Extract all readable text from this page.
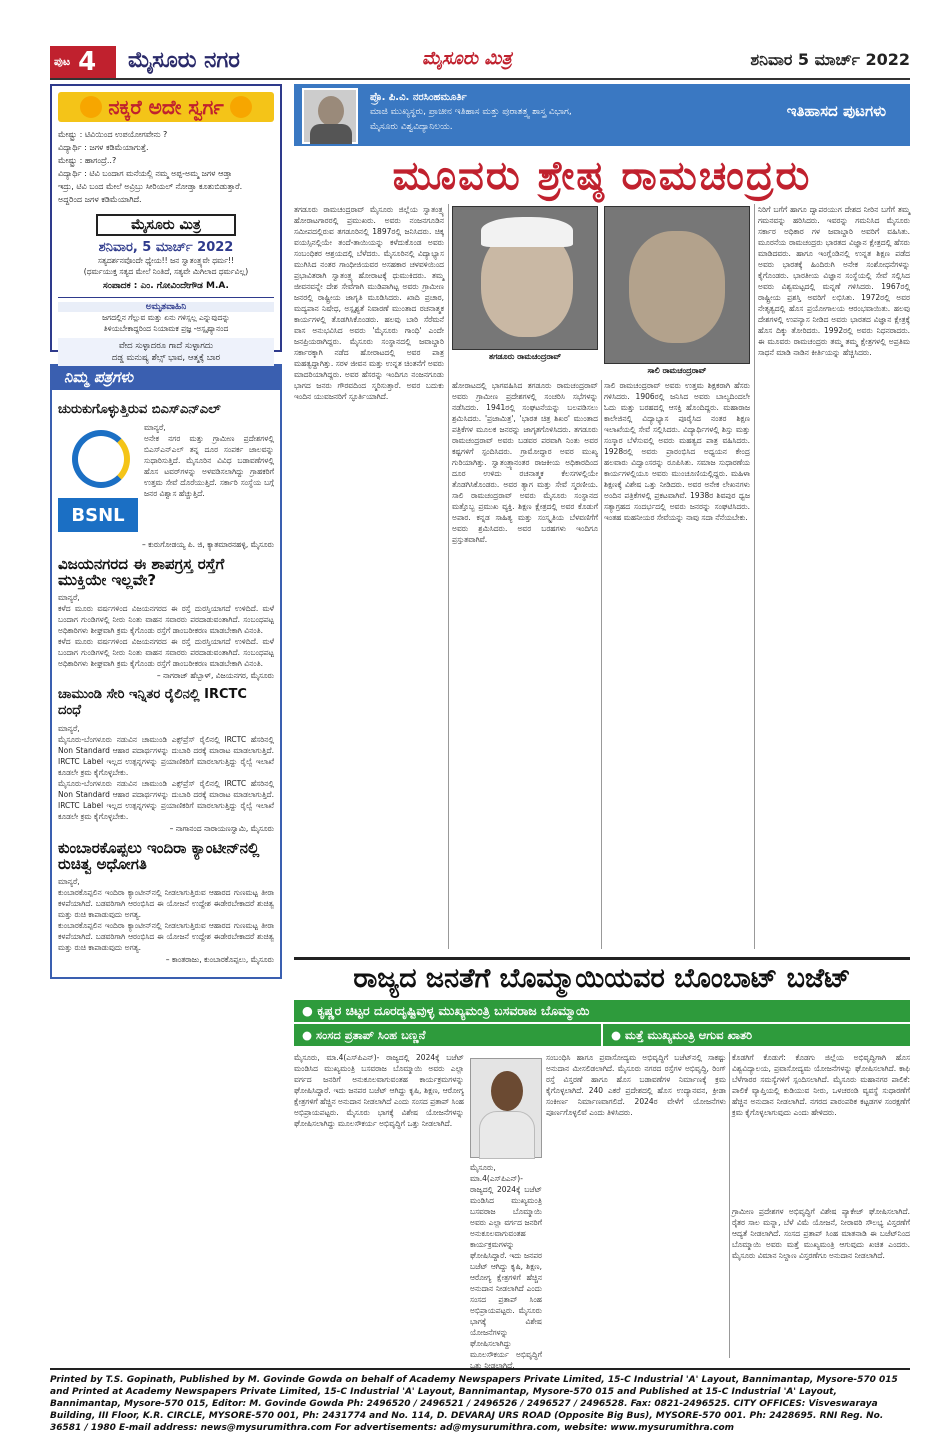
ಪುಟ 4 ಮೈಸೂರು ನಗರ	ಮೈಸೂರು ಮಿತ್ರ	ಶನಿವಾರ 5 ಮಾರ್ಚ್ 2022
ನಕ್ಕರೆ ಅದೇ ಸ್ವರ್ಗ
ಮೇಷ್ಟ್ರು : ಟಿವಿಯಿಂದ ಉಪಯೋಗವೇನು ?
ವಿದ್ಯಾರ್ಥಿ : ಜಗಳ ಕಡಿಮೆಯಾಗುತ್ತೆ.
ಮೇಷ್ಟ್ರು : ಹಾಗಂದ್ರೆ..?
ವಿದ್ಯಾರ್ಥಿ : ಟಿವಿ ಬಂದಾಗ ಮನೆಯಲ್ಲಿ ನಮ್ಮ ಅಪ್ಪ-ಅಮ್ಮ ಜಗಳ ಆಡ್ತಾ
ಇದ್ರು, ಟಿವಿ ಬಂದ ಮೇಲೆ ಅವ್ರಿಬ್ರು ಸೀರಿಯಲ್ ನೋಡ್ತಾ ಕೂತುಬಿಡುತ್ತಾರೆ.
ಅದ್ದರಿಂದ ಜಗಳ ಕಡಿಮೆಯಾಗಿದೆ.
ಮೈಸೂರು ಮಿತ್ರ
ಶನಿವಾರ, 5 ಮಾರ್ಚ್ 2022
ಸತ್ಯದರ್ಶನವೊಂದೇ ಧ್ಯೇಯ!! ಜನ ಸ್ವಾತಂತ್ರ್ಯವೇ ಧರ್ಮ!!
(ಧರ್ಮಯುಕ್ತ ಸತ್ಯದ ಮೇಲೆ ನಿಂತಿದೆ, ಸತ್ಯವೇ ಮಿಗಿಲಾದ ಧರ್ಮವಿಲ್ಲ)
ಸಂಪಾದಕ : ಎಂ. ಗೋವಿಂದೇಗೌಡ M.A.
ಅಮೃತವಾಹಿನಿ
ಜಗದಲ್ಲಿನ ಗೆಲ್ಲುವ ಮತ್ತು ಏನು ಗಳಿಸ್ಸಲ್ಲ ಎನ್ನುವುದನ್ನು
ತಿಳಿಯಬೇಕಾದ್ದರಿಂದ ನಿಯಾಮಕ ಪ್ರಜ್ಞ -ಅಸ್ಪೃಷ್ಯಾನಂದ
ವೇದ ಸುಳ್ಳಾದರೂ ಗಾದೆ ಸುಳ್ಳಾಗದು
ದಡ್ಡ ಮನುಷ್ಯ ಶೆಲ್ಸ್ ಭಾವ, ಆತ್ಮಕ್ಕೆ ಬಾರ
ನಿಮ್ಮ ಪತ್ರಗಳು
ಚುರುಕುಗೊಳ್ಳುತ್ತಿರುವ ಬಿಎಸ್‌ಎನ್‌ಎಲ್
BSNL
ಮಾನ್ಯರೆ,
ಅನೇಕ ನಗರ ಮತ್ತು ಗ್ರಾಮೀಣ ಪ್ರದೇಶಗಳಲ್ಲಿ ಬಿಎಸ್‌ಎನ್‌ಎಲ್ ತನ್ನ ದೂರ ಸಂಪರ್ಕ ಜಾಲವನ್ನು ಸುಧಾರಿಸುತ್ತಿದೆ. ಮೈಸೂರಿನ ವಿವಿಧ ಬಡಾವಣೆಗಳಲ್ಲಿ ಹೊಸ ಟವರ್‌ಗಳನ್ನು ಅಳವಡಿಸಲಾಗಿದ್ದು ಗ್ರಾಹಕರಿಗೆ ಉತ್ತಮ ಸೇವೆ ದೊರೆಯುತ್ತಿದೆ. ಸರ್ಕಾರಿ ಸಂಸ್ಥೆಯ ಬಗ್ಗೆ ಜನರ ವಿಶ್ವಾಸ ಹೆಚ್ಚುತ್ತಿದೆ.
– ಕುರುಗೋಡಯ್ಯ ಪಿ. ಜಿ, ಕ್ಯಾತಮಾರನಹಳ್ಳಿ, ಮೈಸೂರು
ವಿಜಯನಗರದ ಈ ಶಾಪಗ್ರಸ್ತ ರಸ್ತೆಗೆ ಮುಕ್ತಿಯೇ ಇಲ್ಲವೇ?
ಮಾನ್ಯರೆ,
ಕಳೆದ ಮೂರು ವರ್ಷಗಳಿಂದ ವಿಜಯನಗರದ ಈ ರಸ್ತೆ ದುರಸ್ತಿಯಾಗದೆ ಉಳಿದಿದೆ. ಮಳೆ ಬಂದಾಗ ಗುಂಡಿಗಳಲ್ಲಿ ನೀರು ನಿಂತು ವಾಹನ ಸವಾರರು ಪರದಾಡುವಂತಾಗಿದೆ. ಸಂಬಂಧಪಟ್ಟ ಅಧಿಕಾರಿಗಳು ಶೀಘ್ರವಾಗಿ ಕ್ರಮ ಕೈಗೊಂಡು ರಸ್ತೆಗೆ ಡಾಂಬರೀಕರಣ ಮಾಡಬೇಕಾಗಿ ವಿನಂತಿ.
ಕಳೆದ ಮೂರು ವರ್ಷಗಳಿಂದ ವಿಜಯನಗರದ ಈ ರಸ್ತೆ ದುರಸ್ತಿಯಾಗದೆ ಉಳಿದಿದೆ. ಮಳೆ ಬಂದಾಗ ಗುಂಡಿಗಳಲ್ಲಿ ನೀರು ನಿಂತು ವಾಹನ ಸವಾರರು ಪರದಾಡುವಂತಾಗಿದೆ. ಸಂಬಂಧಪಟ್ಟ ಅಧಿಕಾರಿಗಳು ಶೀಘ್ರವಾಗಿ ಕ್ರಮ ಕೈಗೊಂಡು ರಸ್ತೆಗೆ ಡಾಂಬರೀಕರಣ ಮಾಡಬೇಕಾಗಿ ವಿನಂತಿ.
– ನಾಗರಾಜ್ ಹೆಬ್ಬಾಳ್, ವಿಜಯನಗರ, ಮೈಸೂರು
ಚಾಮುಂಡಿ ಸೇರಿ ಇನ್ನಿತರ ರೈಲಿನಲ್ಲಿ IRCTC ದಂಧೆ
ಮಾನ್ಯರೆ,
ಮೈಸೂರು-ಬೆಂಗಳೂರು ನಡುವಿನ ಚಾಮುಂಡಿ ಎಕ್ಸ್‌ಪ್ರೆಸ್ ರೈಲಿನಲ್ಲಿ IRCTC ಹೆಸರಿನಲ್ಲಿ Non Standard ಆಹಾರ ಪದಾರ್ಥಗಳನ್ನು ದುಬಾರಿ ದರಕ್ಕೆ ಮಾರಾಟ ಮಾಡಲಾಗುತ್ತಿದೆ. IRCTC Label ಇಲ್ಲದ ಉತ್ಪನ್ನಗಳನ್ನು ಪ್ರಯಾಣಿಕರಿಗೆ ಮಾರಲಾಗುತ್ತಿದ್ದು ರೈಲ್ವೆ ಇಲಾಖೆ ಕೂಡಲೇ ಕ್ರಮ ಕೈಗೊಳ್ಳಬೇಕು.
ಮೈಸೂರು-ಬೆಂಗಳೂರು ನಡುವಿನ ಚಾಮುಂಡಿ ಎಕ್ಸ್‌ಪ್ರೆಸ್ ರೈಲಿನಲ್ಲಿ IRCTC ಹೆಸರಿನಲ್ಲಿ Non Standard ಆಹಾರ ಪದಾರ್ಥಗಳನ್ನು ದುಬಾರಿ ದರಕ್ಕೆ ಮಾರಾಟ ಮಾಡಲಾಗುತ್ತಿದೆ. IRCTC Label ಇಲ್ಲದ ಉತ್ಪನ್ನಗಳನ್ನು ಪ್ರಯಾಣಿಕರಿಗೆ ಮಾರಲಾಗುತ್ತಿದ್ದು ರೈಲ್ವೆ ಇಲಾಖೆ ಕೂಡಲೇ ಕ್ರಮ ಕೈಗೊಳ್ಳಬೇಕು.
– ನಾಗಾನಂದ ನಾರಾಯಣಸ್ವಾಮಿ, ಮೈಸೂರು
ಕುಂಬಾರಕೊಪ್ಪಲು ಇಂದಿರಾ ಕ್ಯಾಂಟೀನ್‌ನಲ್ಲಿ ರುಚಿತ್ವ ಅಧೋಗತಿ
ಮಾನ್ಯರೆ,
ಕುಂಬಾರಕೊಪ್ಪಲಿನ ಇಂದಿರಾ ಕ್ಯಾಂಟೀನ್‌ನಲ್ಲಿ ನೀಡಲಾಗುತ್ತಿರುವ ಆಹಾರದ ಗುಣಮಟ್ಟ ತೀರಾ ಕಳಪೆಯಾಗಿದೆ. ಬಡವರಿಗಾಗಿ ಆರಂಭಿಸಿದ ಈ ಯೋಜನೆ ಉದ್ದೇಶ ಈಡೇರಬೇಕಾದರೆ ಶುಚಿತ್ವ ಮತ್ತು ರುಚಿ ಕಾಪಾಡುವುದು ಅಗತ್ಯ.
ಕುಂಬಾರಕೊಪ್ಪಲಿನ ಇಂದಿರಾ ಕ್ಯಾಂಟೀನ್‌ನಲ್ಲಿ ನೀಡಲಾಗುತ್ತಿರುವ ಆಹಾರದ ಗುಣಮಟ್ಟ ತೀರಾ ಕಳಪೆಯಾಗಿದೆ. ಬಡವರಿಗಾಗಿ ಆರಂಭಿಸಿದ ಈ ಯೋಜನೆ ಉದ್ದೇಶ ಈಡೇರಬೇಕಾದರೆ ಶುಚಿತ್ವ ಮತ್ತು ರುಚಿ ಕಾಪಾಡುವುದು ಅಗತ್ಯ.
– ಕಾಂತರಾಜು, ಕುಂಬಾರಕೊಪ್ಪಲು, ಮೈಸೂರು
ಪ್ರೊ. ಪಿ.ವಿ. ನರಸಿಂಹಮೂರ್ತಿ
ಮಾಜಿ ಮುಖ್ಯಸ್ಥರು, ಪ್ರಾಚೀನ ಇತಿಹಾಸ ಮತ್ತು ಪುರಾತತ್ತ್ವ ಶಾಸ್ತ್ರ ವಿಭಾಗ,
ಮೈಸೂರು ವಿಶ್ವವಿದ್ಯಾನಿಲಯ.
ಇತಿಹಾಸದ ಪುಟಗಳು
ಮೂವರು ಶ್ರೇಷ್ಠ ರಾಮಚಂದ್ರರು
ತಗಡೂರು ರಾಮಚಂದ್ರರಾವ್ ಮೈಸೂರು ಜಿಲ್ಲೆಯ ಸ್ವಾತಂತ್ರ್ಯ ಹೋರಾಟಗಾರರಲ್ಲಿ ಪ್ರಮುಖರು. ಅವರು ನಂಜನಗೂಡಿನ ಸಮೀಪದಲ್ಲಿರುವ ತಗಡೂರಿನಲ್ಲಿ 1897ರಲ್ಲಿ ಜನಿಸಿದರು. ಚಿಕ್ಕ ವಯಸ್ಸಿನಲ್ಲಿಯೇ ತಂದೆ-ತಾಯಿಯನ್ನು ಕಳೆದುಕೊಂಡ ಅವರು ಸಂಬಂಧಿಕರ ಆಶ್ರಯದಲ್ಲಿ ಬೆಳೆದರು. ಮೈಸೂರಿನಲ್ಲಿ ವಿದ್ಯಾಭ್ಯಾಸ ಮುಗಿಸಿದ ನಂತರ ಗಾಂಧೀಜಿಯವರ ಅಸಹಕಾರ ಚಳವಳಿಯಿಂದ ಪ್ರಭಾವಿತರಾಗಿ ಸ್ವಾತಂತ್ರ್ಯ ಹೋರಾಟಕ್ಕೆ ಧುಮುಕಿದರು. ತಮ್ಮ ಜೀವನವನ್ನೇ ದೇಶ ಸೇವೆಗಾಗಿ ಮುಡಿಪಾಗಿಟ್ಟ ಅವರು ಗ್ರಾಮೀಣ ಜನರಲ್ಲಿ ರಾಷ್ಟ್ರೀಯ ಜಾಗೃತಿ ಮೂಡಿಸಿದರು. ಖಾದಿ ಪ್ರಚಾರ, ಮದ್ಯಪಾನ ನಿಷೇಧ, ಅಸ್ಪೃಶ್ಯತೆ ನಿವಾರಣೆ ಮುಂತಾದ ರಚನಾತ್ಮಕ ಕಾರ್ಯಗಳಲ್ಲಿ ತೊಡಗಿಸಿಕೊಂಡರು. ಹಲವು ಬಾರಿ ಸೆರೆಮನೆ ವಾಸ ಅನುಭವಿಸಿದ ಅವರು 'ಮೈಸೂರು ಗಾಂಧಿ' ಎಂದೇ ಜನಪ್ರಿಯರಾಗಿದ್ದರು. ಮೈಸೂರು ಸಂಸ್ಥಾನದಲ್ಲಿ ಜವಾಬ್ದಾರಿ ಸರ್ಕಾರಕ್ಕಾಗಿ ನಡೆದ ಹೋರಾಟದಲ್ಲಿ ಅವರ ಪಾತ್ರ ಮಹತ್ವದ್ದಾಗಿತ್ತು. ಸರಳ ಜೀವನ ಮತ್ತು ಉನ್ನತ ಚಿಂತನೆಗೆ ಅವರು ಮಾದರಿಯಾಗಿದ್ದರು. ಅವರ ಹೆಸರನ್ನು ಇಂದಿಗೂ ನಂಜನಗೂಡು ಭಾಗದ ಜನರು ಗೌರವದಿಂದ ಸ್ಮರಿಸುತ್ತಾರೆ. ಅವರ ಬದುಕು ಇಂದಿನ ಯುವಜನರಿಗೆ ಸ್ಫೂರ್ತಿಯಾಗಿದೆ.
ತಗಡೂರು ರಾಮಚಂದ್ರರಾವ್
ಸಾಲಿ ರಾಮಚಂದ್ರರಾವ್
ಹೋರಾಟದಲ್ಲಿ ಭಾಗವಹಿಸಿದ ತಗಡೂರು ರಾಮಚಂದ್ರರಾವ್ ಅವರು ಗ್ರಾಮೀಣ ಪ್ರದೇಶಗಳಲ್ಲಿ ಸಂಚರಿಸಿ ಸಭೆಗಳನ್ನು ನಡೆಸಿದರು. 1941ರಲ್ಲಿ ಸಂಘಟನೆಯನ್ನು ಬಲಪಡಿಸಲು ಶ್ರಮಿಸಿದರು. 'ಪ್ರಜಾಮಿತ್ರ', 'ಭಾರತ ಚಿತ್ರ ಶಿಖರ' ಮುಂತಾದ ಪತ್ರಿಕೆಗಳ ಮೂಲಕ ಜನರನ್ನು ಜಾಗೃತಗೊಳಿಸಿದರು. ತಗಡೂರು ರಾಮಚಂದ್ರರಾವ್ ಅವರು ಬಡವರ ಪರವಾಗಿ ನಿಂತು ಅವರ ಕಷ್ಟಗಳಿಗೆ ಸ್ಪಂದಿಸಿದರು. ಗ್ರಾಮೋದ್ಧಾರ ಅವರ ಮುಖ್ಯ ಗುರಿಯಾಗಿತ್ತು. ಸ್ವಾತಂತ್ರ್ಯಾನಂತರ ರಾಜಕೀಯ ಅಧಿಕಾರದಿಂದ ದೂರ ಉಳಿದು ರಚನಾತ್ಮಕ ಕೆಲಸಗಳಲ್ಲಿಯೇ ತೊಡಗಿಸಿಕೊಂಡರು. ಅವರ ತ್ಯಾಗ ಮತ್ತು ಸೇವೆ ಸ್ಮರಣೀಯ. ಸಾಲಿ ರಾಮಚಂದ್ರರಾವ್ ಅವರು ಮೈಸೂರು ಸಂಸ್ಥಾನದ ಮತ್ತೊಬ್ಬ ಪ್ರಮುಖ ವ್ಯಕ್ತಿ. ಶಿಕ್ಷಣ ಕ್ಷೇತ್ರದಲ್ಲಿ ಅವರ ಕೊಡುಗೆ ಅಪಾರ. ಕನ್ನಡ ಸಾಹಿತ್ಯ ಮತ್ತು ಸಂಸ್ಕೃತಿಯ ಬೆಳವಣಿಗೆಗೆ ಅವರು ಶ್ರಮಿಸಿದರು. ಅವರ ಬರಹಗಳು ಇಂದಿಗೂ ಪ್ರಸ್ತುತವಾಗಿವೆ.
ಸಾಲಿ ರಾಮಚಂದ್ರರಾವ್ ಅವರು ಉತ್ತಮ ಶಿಕ್ಷಕರಾಗಿ ಹೆಸರು ಗಳಿಸಿದರು. 1906ರಲ್ಲಿ ಜನಿಸಿದ ಅವರು ಬಾಲ್ಯದಿಂದಲೇ ಓದು ಮತ್ತು ಬರಹದಲ್ಲಿ ಆಸಕ್ತಿ ಹೊಂದಿದ್ದರು. ಮಹಾರಾಜ ಕಾಲೇಜಿನಲ್ಲಿ ವಿದ್ಯಾಭ್ಯಾಸ ಪೂರೈಸಿದ ನಂತರ ಶಿಕ್ಷಣ ಇಲಾಖೆಯಲ್ಲಿ ಸೇವೆ ಸಲ್ಲಿಸಿದರು. ವಿದ್ಯಾರ್ಥಿಗಳಲ್ಲಿ ಶಿಸ್ತು ಮತ್ತು ಸಂಸ್ಕಾರ ಬೆಳೆಸುವಲ್ಲಿ ಅವರು ಮಹತ್ವದ ಪಾತ್ರ ವಹಿಸಿದರು. 1928ರಲ್ಲಿ ಅವರು ಪ್ರಾರಂಭಿಸಿದ ಅಧ್ಯಯನ ಕೇಂದ್ರ ಹಲವಾರು ವಿದ್ವಾಂಸರನ್ನು ರೂಪಿಸಿತು. ಸಮಾಜ ಸುಧಾರಣೆಯ ಕಾರ್ಯಗಳಲ್ಲಿಯೂ ಅವರು ಮುಂಚೂಣಿಯಲ್ಲಿದ್ದರು. ಮಹಿಳಾ ಶಿಕ್ಷಣಕ್ಕೆ ವಿಶೇಷ ಒತ್ತು ನೀಡಿದರು. ಅವರ ಅನೇಕ ಲೇಖನಗಳು ಅಂದಿನ ಪತ್ರಿಕೆಗಳಲ್ಲಿ ಪ್ರಕಟವಾಗಿವೆ. 1938ರ ಶಿವಪುರ ಧ್ವಜ ಸತ್ಯಾಗ್ರಹದ ಸಂದರ್ಭದಲ್ಲಿ ಅವರು ಜನರನ್ನು ಸಂಘಟಿಸಿದರು. ಇಂತಹ ಮಹನೀಯರ ಸೇವೆಯನ್ನು ನಾವು ಸದಾ ನೆನೆಯಬೇಕು.
ನಿರಿಗೆ ಬಗೆಗೆ ಹಾಗೂ ದ್ವಾಪರಯುಗ ದೇಶದ ನೀರಿನ ಬಗೆಗೆ ತಮ್ಮ ಗಮನವನ್ನು ಹರಿಸಿದರು. ಇವರನ್ನು ಗಮನಿಸಿದ ಮೈಸೂರು ಸರ್ಕಾರ ಅಧಿಕಾರ ಗಳ ಜವಾಬ್ದಾರಿ ಅವರಿಗೆ ವಹಿಸಿತು. ಮೂರನೆಯ ರಾಮಚಂದ್ರರು ಭಾರತದ ವಿಜ್ಞಾನ ಕ್ಷೇತ್ರದಲ್ಲಿ ಹೆಸರು ಮಾಡಿದವರು. ಹಾಗೂ ಇಂಗ್ಲೆಂಡಿನಲ್ಲಿ ಉನ್ನತ ಶಿಕ್ಷಣ ಪಡೆದ ಅವರು ಭಾರತಕ್ಕೆ ಹಿಂದಿರುಗಿ ಅನೇಕ ಸಂಶೋಧನೆಗಳನ್ನು ಕೈಗೊಂಡರು. ಭಾರತೀಯ ವಿಜ್ಞಾನ ಸಂಸ್ಥೆಯಲ್ಲಿ ಸೇವೆ ಸಲ್ಲಿಸಿದ ಅವರು ವಿಶ್ವಮಟ್ಟದಲ್ಲಿ ಮನ್ನಣೆ ಗಳಿಸಿದರು. 1967ರಲ್ಲಿ ರಾಷ್ಟ್ರೀಯ ಪ್ರಶಸ್ತಿ ಅವರಿಗೆ ಲಭಿಸಿತು. 1972ರಲ್ಲಿ ಅವರ ನೇತೃತ್ವದಲ್ಲಿ ಹೊಸ ಪ್ರಯೋಗಾಲಯ ಆರಂಭವಾಯಿತು. ಹಲವು ದೇಶಗಳಲ್ಲಿ ಉಪನ್ಯಾಸ ನೀಡಿದ ಅವರು ಭಾರತದ ವಿಜ್ಞಾನ ಕ್ಷೇತ್ರಕ್ಕೆ ಹೊಸ ದಿಕ್ಕು ತೋರಿದರು. 1992ರಲ್ಲಿ ಅವರು ನಿಧನರಾದರು. ಈ ಮೂವರು ರಾಮಚಂದ್ರರು ತಮ್ಮ ತಮ್ಮ ಕ್ಷೇತ್ರಗಳಲ್ಲಿ ಅಪ್ರತಿಮ ಸಾಧನೆ ಮಾಡಿ ನಾಡಿನ ಕೀರ್ತಿಯನ್ನು ಹೆಚ್ಚಿಸಿದರು.
ರಾಜ್ಯದ ಜನತೆಗೆ ಬೊಮ್ಮಾಯಿಯವರ ಬೊಂಬಾಟ್ ಬಜೆಟ್
● ಕೃಷ್ಣರ ಚಿಟ್ಟರ ದೂರದೃಷ್ಟಿವುಳ್ಳ ಮುಖ್ಯಮಂತ್ರಿ ಬಸವರಾಜ ಬೊಮ್ಮಾಯಿ
● ಸಂಸದ ಪ್ರತಾಪ್ ಸಿಂಹ ಬಣ್ಣನೆ	● ಮತ್ತೆ ಮುಖ್ಯಮಂತ್ರಿ ಆಗುವ ಖಾತರಿ
ಮೈಸೂರು, ಮಾ.4(ಎಸ್‌ಪಿಎನ್)- ರಾಜ್ಯದಲ್ಲಿ 2024ಕ್ಕೆ ಬಜೆಟ್ ಮಂಡಿಸಿದ ಮುಖ್ಯಮಂತ್ರಿ ಬಸವರಾಜ ಬೊಮ್ಮಾಯಿ ಅವರು ಎಲ್ಲಾ ವರ್ಗದ ಜನರಿಗೆ ಅನುಕೂಲವಾಗುವಂತಹ ಕಾರ್ಯಕ್ರಮಗಳನ್ನು ಘೋಷಿಸಿದ್ದಾರೆ. ಇದು ಜನಪರ ಬಜೆಟ್ ಆಗಿದ್ದು ಕೃಷಿ, ಶಿಕ್ಷಣ, ಆರೋಗ್ಯ ಕ್ಷೇತ್ರಗಳಿಗೆ ಹೆಚ್ಚಿನ ಅನುದಾನ ನೀಡಲಾಗಿದೆ ಎಂದು ಸಂಸದ ಪ್ರತಾಪ್ ಸಿಂಹ ಅಭಿಪ್ರಾಯಪಟ್ಟರು. ಮೈಸೂರು ಭಾಗಕ್ಕೆ ವಿಶೇಷ ಯೋಜನೆಗಳನ್ನು ಘೋಷಿಸಲಾಗಿದ್ದು ಮೂಲಸೌಕರ್ಯ ಅಭಿವೃದ್ಧಿಗೆ ಒತ್ತು ನೀಡಲಾಗಿದೆ.
ಮೈಸೂರು, ಮಾ.4(ಎಸ್‌ಪಿಎನ್)- ರಾಜ್ಯದಲ್ಲಿ 2024ಕ್ಕೆ ಬಜೆಟ್ ಮಂಡಿಸಿದ ಮುಖ್ಯಮಂತ್ರಿ ಬಸವರಾಜ ಬೊಮ್ಮಾಯಿ ಅವರು ಎಲ್ಲಾ ವರ್ಗದ ಜನರಿಗೆ ಅನುಕೂಲವಾಗುವಂತಹ ಕಾರ್ಯಕ್ರಮಗಳನ್ನು ಘೋಷಿಸಿದ್ದಾರೆ. ಇದು ಜನಪರ ಬಜೆಟ್ ಆಗಿದ್ದು ಕೃಷಿ, ಶಿಕ್ಷಣ, ಆರೋಗ್ಯ ಕ್ಷೇತ್ರಗಳಿಗೆ ಹೆಚ್ಚಿನ ಅನುದಾನ ನೀಡಲಾಗಿದೆ ಎಂದು ಸಂಸದ ಪ್ರತಾಪ್ ಸಿಂಹ ಅಭಿಪ್ರಾಯಪಟ್ಟರು. ಮೈಸೂರು ಭಾಗಕ್ಕೆ ವಿಶೇಷ ಯೋಜನೆಗಳನ್ನು ಘೋಷಿಸಲಾಗಿದ್ದು ಮೂಲಸೌಕರ್ಯ ಅಭಿವೃದ್ಧಿಗೆ ಒತ್ತು ನೀಡಲಾಗಿದೆ.
ಸಂಬಂಧಿಸಿ ಹಾಗೂ ಪ್ರವಾಸೋದ್ಯಮ ಅಭಿವೃದ್ಧಿಗೆ ಬಜೆಟ್‌ನಲ್ಲಿ ಸಾಕಷ್ಟು ಅನುದಾನ ಮೀಸಲಿಡಲಾಗಿದೆ. ಮೈಸೂರು ನಗರದ ರಸ್ತೆಗಳ ಅಭಿವೃದ್ಧಿ, ರಿಂಗ್ ರಸ್ತೆ ವಿಸ್ತರಣೆ ಹಾಗೂ ಹೊಸ ಬಡಾವಣೆಗಳ ನಿರ್ಮಾಣಕ್ಕೆ ಕ್ರಮ ಕೈಗೊಳ್ಳಲಾಗಿದೆ. 240 ಎಕರೆ ಪ್ರದೇಶದಲ್ಲಿ ಹೊಸ ಉದ್ಯಾನವನ, ಕ್ರೀಡಾ ಸಂಕೀರ್ಣ ನಿರ್ಮಾಣವಾಗಲಿದೆ. 2024ರ ವೇಳೆಗೆ ಯೋಜನೆಗಳು ಪೂರ್ಣಗೊಳ್ಳಲಿವೆ ಎಂದು ತಿಳಿಸಿದರು.
ಕೊಡಗಿಗೆ ಕೊಡುಗೆ: ಕೊಡಗು ಜಿಲ್ಲೆಯ ಅಭಿವೃದ್ಧಿಗಾಗಿ ಹೊಸ ವಿಶ್ವವಿದ್ಯಾಲಯ, ಪ್ರವಾಸೋದ್ಯಮ ಯೋಜನೆಗಳನ್ನು ಘೋಷಿಸಲಾಗಿದೆ. ಕಾಫಿ ಬೆಳೆಗಾರರ ಸಮಸ್ಯೆಗಳಿಗೆ ಸ್ಪಂದಿಸಲಾಗಿದೆ. ಮೈಸೂರು ಮಹಾನಗರ ಪಾಲಿಕೆ: ಪಾಲಿಕೆ ವ್ಯಾಪ್ತಿಯಲ್ಲಿ ಕುಡಿಯುವ ನೀರು, ಒಳಚರಂಡಿ ವ್ಯವಸ್ಥೆ ಸುಧಾರಣೆಗೆ ಹೆಚ್ಚಿನ ಅನುದಾನ ನೀಡಲಾಗಿದೆ. ನಗರದ ಪಾರಂಪರಿಕ ಕಟ್ಟಡಗಳ ಸಂರಕ್ಷಣೆಗೆ ಕ್ರಮ ಕೈಗೊಳ್ಳಲಾಗುವುದು ಎಂದು ಹೇಳಿದರು.
ಗ್ರಾಮೀಣ ಪ್ರದೇಶಗಳ ಅಭಿವೃದ್ಧಿಗೆ ವಿಶೇಷ ಪ್ಯಾಕೇಜ್ ಘೋಷಿಸಲಾಗಿದೆ. ರೈತರ ಸಾಲ ಮನ್ನಾ, ಬೆಳೆ ವಿಮೆ ಯೋಜನೆ, ನೀರಾವರಿ ಸೌಲಭ್ಯ ವಿಸ್ತರಣೆಗೆ ಆದ್ಯತೆ ನೀಡಲಾಗಿದೆ. ಸಂಸದ ಪ್ರತಾಪ್ ಸಿಂಹ ಮಾತನಾಡಿ ಈ ಬಜೆಟ್‌ನಿಂದ ಬೊಮ್ಮಾಯಿ ಅವರು ಮತ್ತೆ ಮುಖ್ಯಮಂತ್ರಿ ಆಗುವುದು ಖಚಿತ ಎಂದರು. ಮೈಸೂರು ವಿಮಾನ ನಿಲ್ದಾಣ ವಿಸ್ತರಣೆಗೂ ಅನುದಾನ ನೀಡಲಾಗಿದೆ.
Printed by T.S. Gopinath, Published by M. Govinde Gowda on behalf of Academy Newspapers Private Limited, 15-C Industrial 'A' Layout, Bannimantap, Mysore-570 015 and Printed at Academy Newspapers Private Limited, 15-C Industrial 'A' Layout, Bannimantap, Mysore-570 015 and Published at 15-C Industrial 'A' Layout, Bannimantap, Mysore-570 015, Editor: M. Govinde Gowda Ph: 2496520 / 2496521 / 2496526 / 2496527 / 2496528. Fax: 0821-2496525. CITY OFFICES: Visveswaraya Building, III Floor, K.R. CIRCLE, MYSORE-570 001, Ph: 2431774 and No. 114, D. DEVARAJ URS ROAD (Opposite Big Bus), MYSORE-570 001. Ph: 2428695. RNI Reg. No. 36581 / 1980 E-mail address: news@mysurumithra.com For advertisements: ad@mysurumithra.com, website: www.mysurumithra.com
